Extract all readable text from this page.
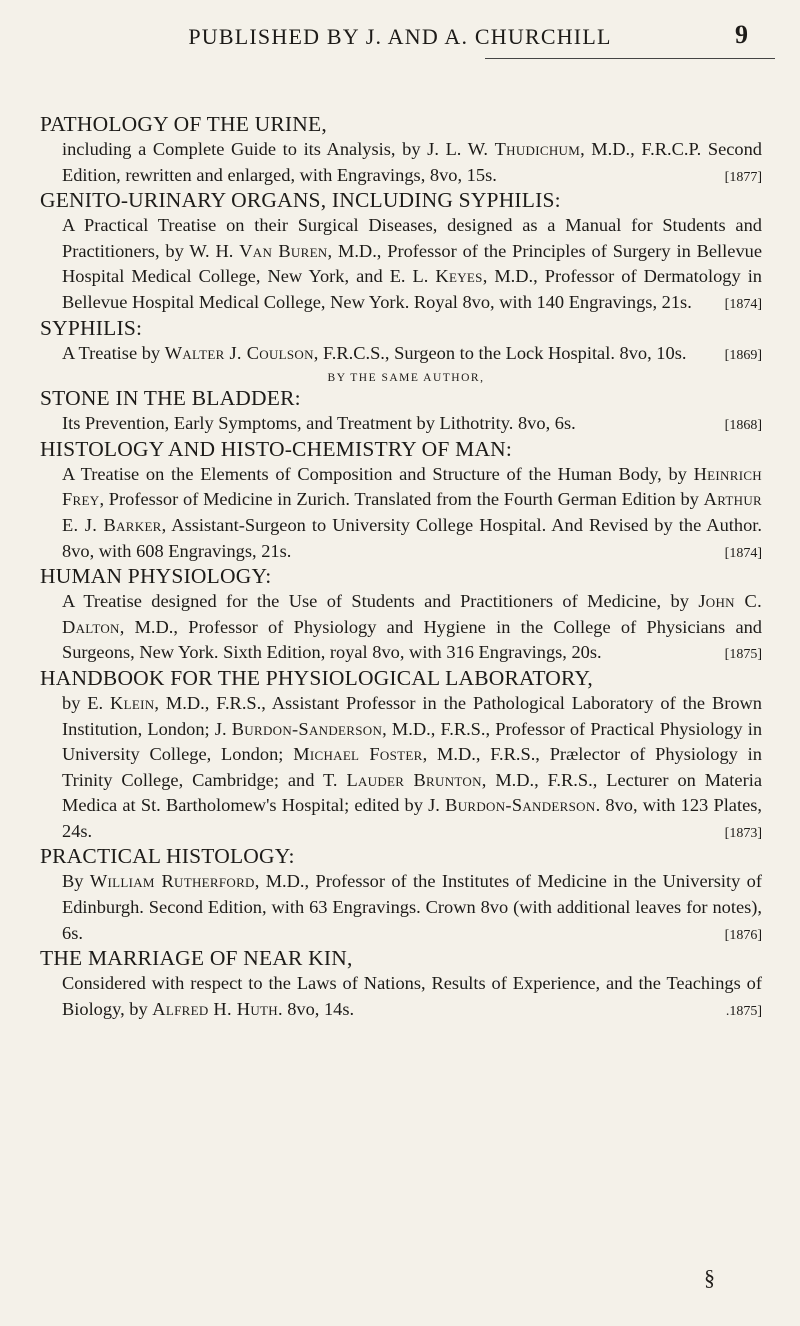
PUBLISHED BY J. AND A. CHURCHILL	9
PATHOLOGY OF THE URINE,
including a Complete Guide to its Analysis, by J. L. W. Thudichum, M.D., F.R.C.P. Second Edition, rewritten and enlarged, with Engravings, 8vo, 15s.	[1877]
GENITO-URINARY ORGANS, INCLUDING SYPHILIS:
A Practical Treatise on their Surgical Diseases, designed as a Manual for Students and Practitioners, by W. H. Van Buren, M.D., Professor of the Principles of Surgery in Bellevue Hospital Medical College, New York, and E. L. Keyes, M.D., Professor of Dermatology in Bellevue Hospital Medical College, New York. Royal 8vo, with 140 Engravings, 21s. [1874]
SYPHILIS:
A Treatise by Walter J. Coulson, F.R.C.S., Surgeon to the Lock Hospital. 8vo, 10s.	[1869]
BY THE SAME AUTHOR,
STONE IN THE BLADDER:
Its Prevention, Early Symptoms, and Treatment by Lithotrity. 8vo, 6s.	[1868]
HISTOLOGY AND HISTO-CHEMISTRY OF MAN:
A Treatise on the Elements of Composition and Structure of the Human Body, by Heinrich Frey, Professor of Medicine in Zurich. Translated from the Fourth German Edition by Arthur E. J. Barker, Assistant-Surgeon to University College Hospital. And Revised by the Author. 8vo, with 608 Engravings, 21s.	[1874]
HUMAN PHYSIOLOGY:
A Treatise designed for the Use of Students and Practitioners of Medicine, by John C. Dalton, M.D., Professor of Physiology and Hygiene in the College of Physicians and Surgeons, New York. Sixth Edition, royal 8vo, with 316 Engravings, 20s.	[1875]
HANDBOOK FOR THE PHYSIOLOGICAL LABORATORY,
by E. Klein, M.D., F.R.S., Assistant Professor in the Pathological Laboratory of the Brown Institution, London; J. Burdon-Sanderson, M.D., F.R.S., Professor of Practical Physiology in University College, London; Michael Foster, M.D., F.R.S., Prælector of Physiology in Trinity College, Cambridge; and T. Lauder Brunton, M.D., F.R.S., Lecturer on Materia Medica at St. Bartholomew's Hospital; edited by J. Burdon-Sanderson. 8vo, with 123 Plates, 24s.	[1873]
PRACTICAL HISTOLOGY:
By William Rutherford, M.D., Professor of the Institutes of Medicine in the University of Edinburgh. Second Edition, with 63 Engravings. Crown 8vo (with additional leaves for notes), 6s.	[1876]
THE MARRIAGE OF NEAR KIN,
Considered with respect to the Laws of Nations, Results of Experience, and the Teachings of Biology, by Alfred H. Huth. 8vo, 14s.	.1875]
§
